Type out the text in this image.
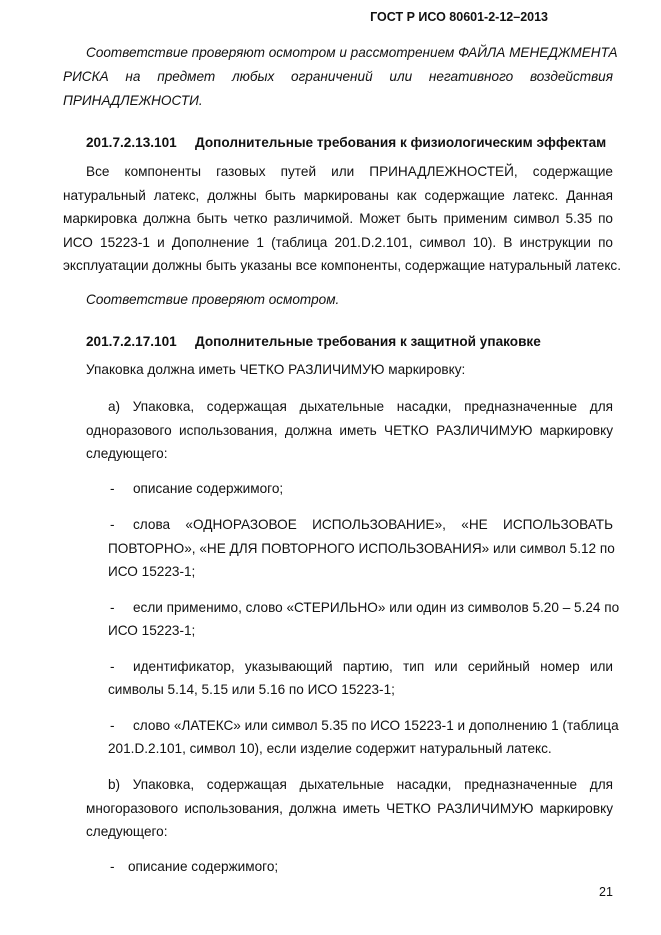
ГОСТ Р ИСО 80601-2-12–2013
Соответствие проверяют осмотром и рассмотрением ФАЙЛА МЕНЕДЖМЕНТА
РИСКА на предмет любых ограничений или негативного воздействия
ПРИНАДЛЕЖНОСТИ.
201.7.2.13.101 Дополнительные требования к физиологическим эффектам
Все компоненты газовых путей или ПРИНАДЛЕЖНОСТЕЙ, содержащие
натуральный латекс, должны быть маркированы как содержащие латекс. Данная
маркировка должна быть четко различимой. Может быть применим символ 5.35 по
ИСО 15223-1 и Дополнение 1 (таблица 201.D.2.101, символ 10). В инструкции по
эксплуатации должны быть указаны все компоненты, содержащие натуральный латекс.
Соответствие проверяют осмотром.
201.7.2.17.101 Дополнительные требования к защитной упаковке
Упаковка должна иметь ЧЕТКО РАЗЛИЧИМУЮ маркировку:
а) Упаковка, содержащая дыхательные насадки, предназначенные для
одноразового использования, должна иметь ЧЕТКО РАЗЛИЧИМУЮ маркировку
следующего:
- описание содержимого;
- слова «ОДНОРАЗОВОЕ ИСПОЛЬЗОВАНИЕ», «НЕ ИСПОЛЬЗОВАТЬ
ПОВТОРНО», «НЕ ДЛЯ ПОВТОРНОГО ИСПОЛЬЗОВАНИЯ» или символ 5.12 по
ИСО 15223-1;
- если применимо, слово «СТЕРИЛЬНО» или один из символов 5.20 – 5.24 по
ИСО 15223-1;
- идентификатор, указывающий партию, тип или серийный номер или
символы 5.14, 5.15 или 5.16 по ИСО 15223-1;
- слово «ЛАТЕКС» или символ 5.35 по ИСО 15223-1 и дополнению 1 (таблица
201.D.2.101, символ 10), если изделие содержит натуральный латекс.
b) Упаковка, содержащая дыхательные насадки, предназначенные для
многоразового использования, должна иметь ЧЕТКО РАЗЛИЧИМУЮ маркировку
следующего:
- описание содержимого;
21
